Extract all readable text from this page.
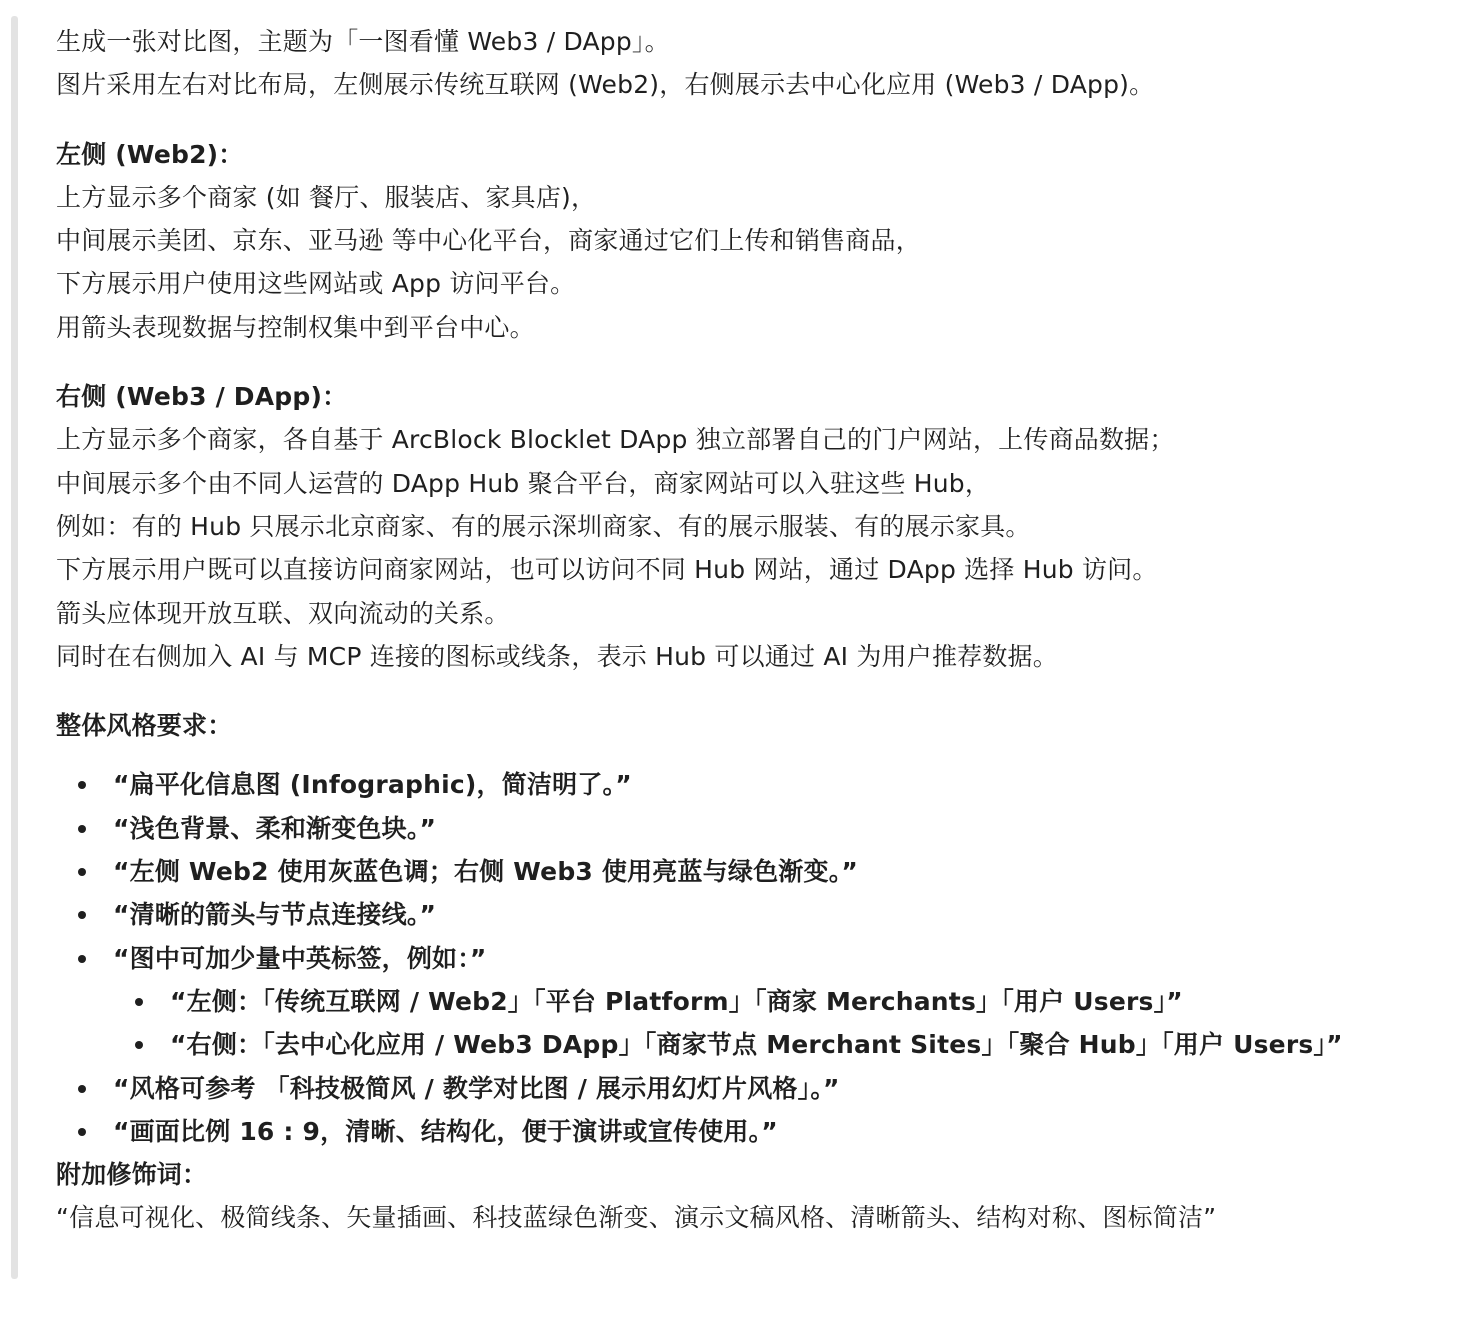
生成一张对比图，主题为「一图看懂 Web3 / DApp」。
图片采用左右对比布局，左侧展示传统互联网 (Web2)，右侧展示去中心化应用 (Web3 / DApp)。
左侧 (Web2)：
上方显示多个商家 (如 餐厅、服装店、家具店)，
中间展示美团、京东、亚马逊 等中心化平台，商家通过它们上传和销售商品，
下方展示用户使用这些网站或 App 访问平台。
用箭头表现数据与控制权集中到平台中心。
右侧 (Web3 / DApp)：
上方显示多个商家，各自基于 ArcBlock Blocklet DApp 独立部署自己的门户网站，上传商品数据；
中间展示多个由不同人运营的 DApp Hub 聚合平台，商家网站可以入驻这些 Hub，
例如：有的 Hub 只展示北京商家、有的展示深圳商家、有的展示服装、有的展示家具。
下方展示用户既可以直接访问商家网站，也可以访问不同 Hub 网站，通过 DApp 选择 Hub 访问。
箭头应体现开放互联、双向流动的关系。
同时在右侧加入 AI 与 MCP 连接的图标或线条，表示 Hub 可以通过 AI 为用户推荐数据。
整体风格要求：
“扁平化信息图 (Infographic)，简洁明了。”
“浅色背景、柔和渐变色块。”
“左侧 Web2 使用灰蓝色调；右侧 Web3 使用亮蓝与绿色渐变。”
“清晰的箭头与节点连接线。”
“图中可加少量中英标签，例如：”
“左侧：「传统互联网 / Web2」「平台 Platform」「商家 Merchants」「用户 Users」”
“右侧：「去中心化应用 / Web3 DApp」「商家节点 Merchant Sites」「聚合 Hub」「用户 Users」”
“风格可参考 「科技极简风 / 教学对比图 / 展示用幻灯片风格」。”
“画面比例 16 : 9，清晰、结构化，便于演讲或宣传使用。”
附加修饰词：
“信息可视化、极简线条、矢量插画、科技蓝绿色渐变、演示文稿风格、清晰箭头、结构对称、图标简洁”
